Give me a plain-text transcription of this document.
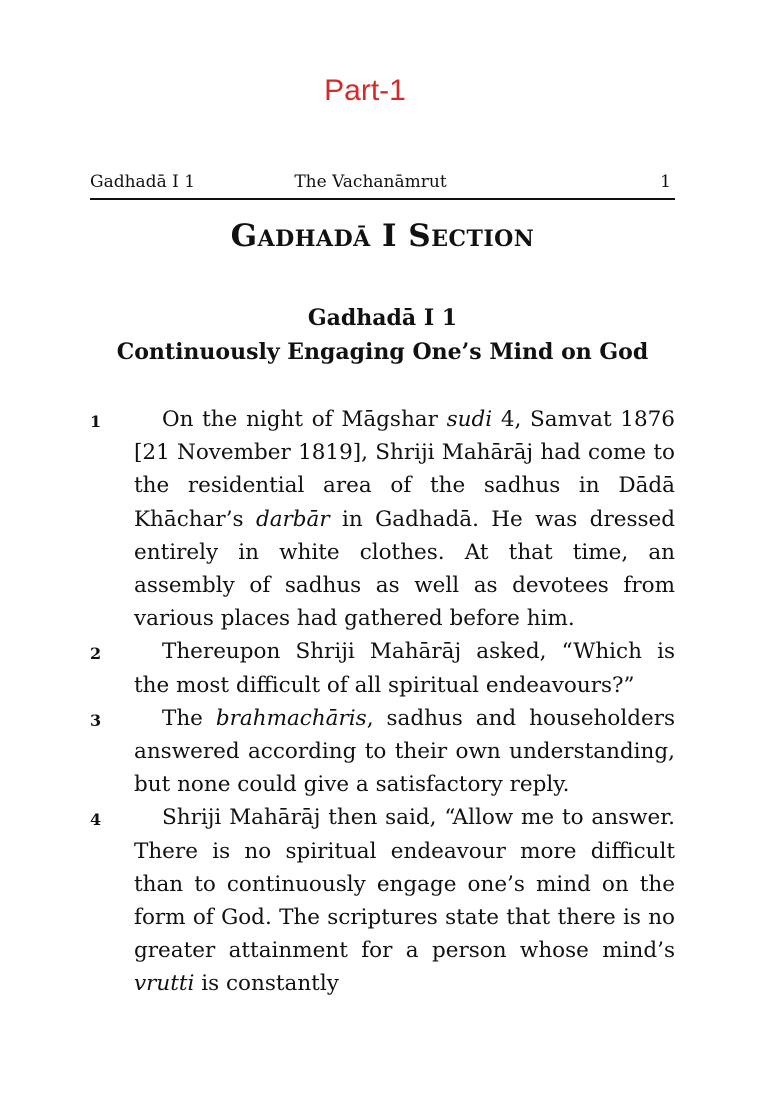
Part-1
Gadhadā I 1	The Vachanāmrut	1
Gadhadā I Section
Gadhadā I 1
Continuously Engaging One’s Mind on God
1	On the night of Māgshar sudi 4, Samvat 1876 [21 November 1819], Shriji Mahārāj had come to the residential area of the sadhus in Dādā Khāchar’s darbār in Gadhadā. He was dressed entirely in white clothes. At that time, an assembly of sadhus as well as devotees from various places had gathered before him.

2	Thereupon Shriji Mahārāj asked, “Which is the most difficult of all spiritual endeavours?”

3	The brahmachāris, sadhus and householders answered according to their own understanding, but none could give a satisfactory reply.

4	Shriji Mahārāj then said, “Allow me to answer. There is no spiritual endeavour more difficult than to continuously engage one’s mind on the form of God. The scriptures state that there is no greater attainment for a person whose mind’s vrutti is constantly
